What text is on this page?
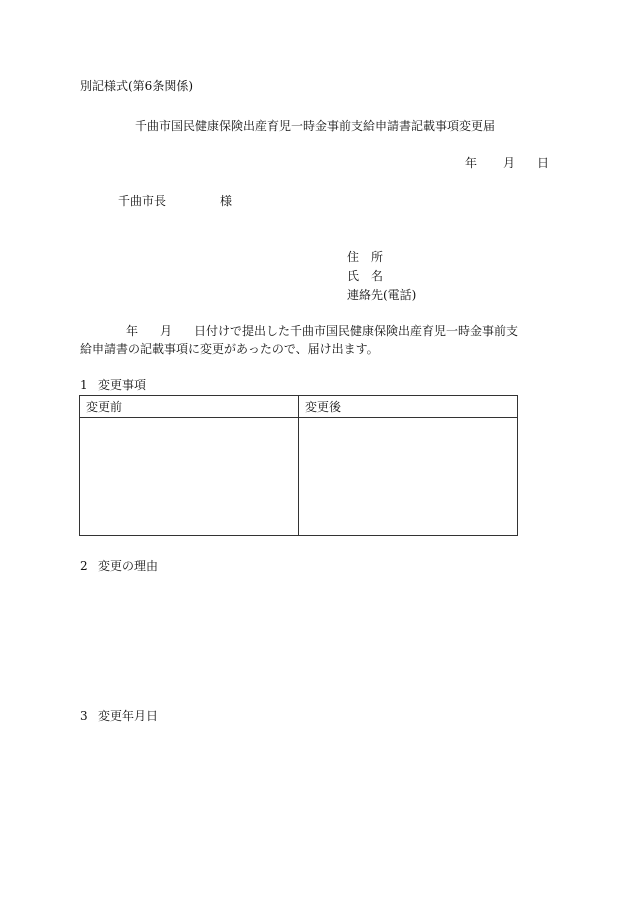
別記様式(第6条関係)
千曲市国民健康保険出産育児一時金事前支給申請書記載事項変更届
年 月 日
千曲市長	様
住　所
氏　名
連絡先(電話)
年 月 日付けで提出した千曲市国民健康保険出産育児一時金事前支給申請書の記載事項に変更があったので、届け出ます。
1 変更事項
変更前	変更後

2 変更の理由
3 変更年月日
